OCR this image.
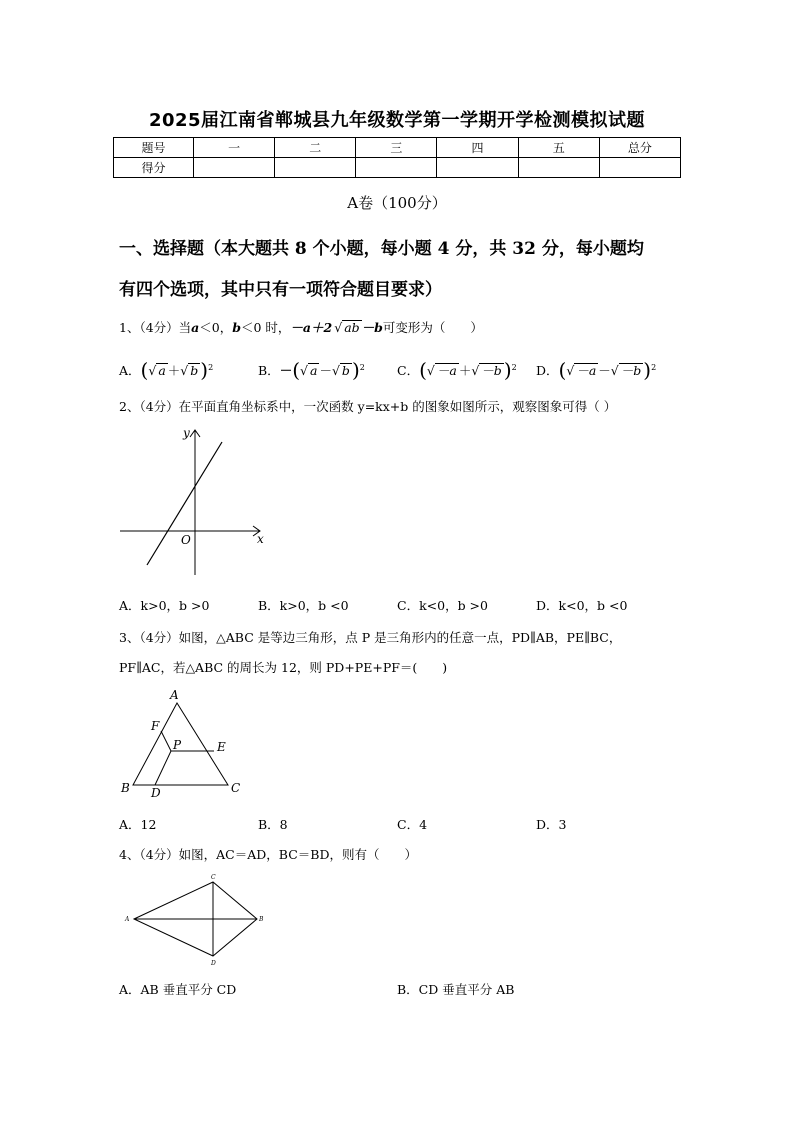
2025届江南省郸城县九年级数学第一学期开学检测模拟试题
题号	一	二	三	四	五	总分
得分						
A卷（100分）
一、选择题（本大题共 8 个小题，每小题 4 分，共 32 分，每小题均
有四个选项，其中只有一项符合题目要求）
1、（4分）当a＜0，b＜0 时，－a＋2 √ ab －b可变形为（　　）
A．(√ a ＋√ b )$^2$	B．－(√ a －√ b )$^2$	C．(√ －a ＋√ －b )$^2$ D．(√ －a －√ －b )$^2$
2、（4分）在平面直角坐标系中，一次函数 y=kx+b 的图象如图所示，观察图象可得（ ）
y
x
O
A．k>0，b >0	B．k>0，b <0	C．k<0，b >0	D．k<0，b <0
3、（4分）如图，△ABC 是等边三角形，点 P 是三角形内的任意一点，PD∥AB，PE∥BC，
PF∥AC，若△ABC 的周长为 12，则 PD+PE+PF＝(　　)
A
B	C
D
E
F
P
A．12	B．8	C．4	D．3
4、（4分）如图，AC＝AD，BC＝BD，则有（　　）
C
A	B
D
A．AB 垂直平分 CD	B．CD 垂直平分 AB
